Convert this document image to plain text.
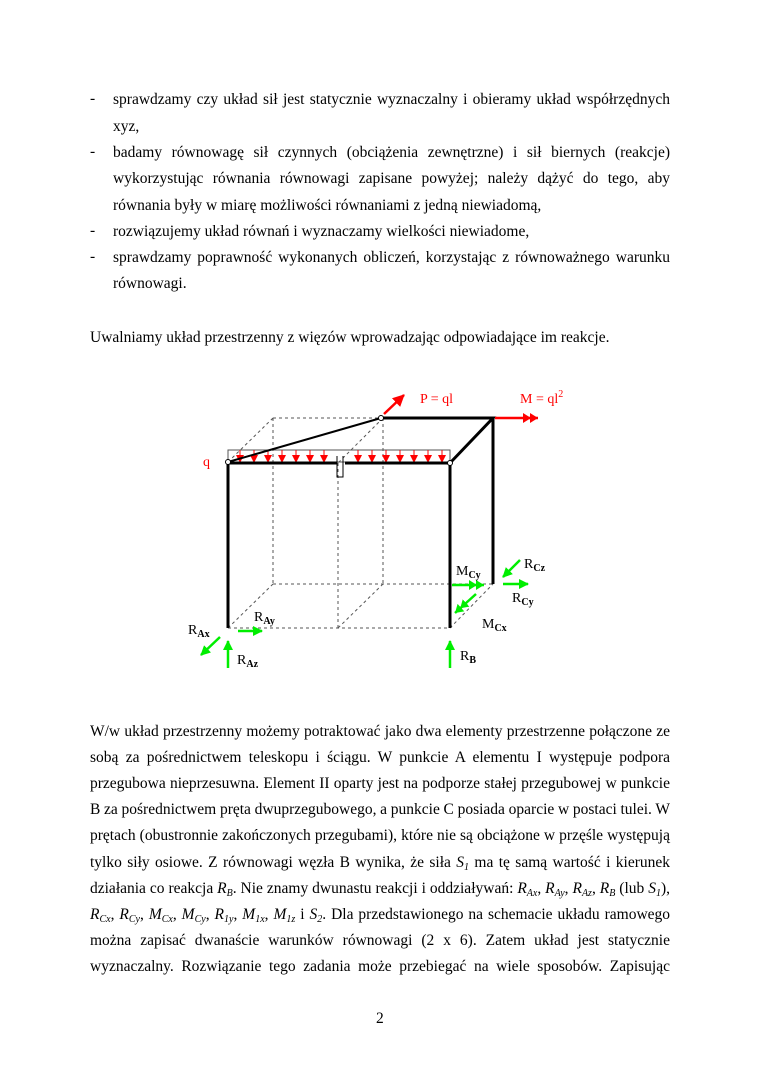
- sprawdzamy czy układ sił jest statycznie wyznaczalny i obieramy układ współrzędnych
xyz,
- badamy równowagę sił czynnych (obciążenia zewnętrzne) i sił biernych (reakcje)
wykorzystując równania równowagi zapisane powyżej; należy dążyć do tego, aby
równania były w miarę możliwości równaniami z jedną niewiadomą,
- rozwiązujemy układ równań i wyznaczamy wielkości niewiadome,
- sprawdzamy poprawność wykonanych obliczeń, korzystając z równoważnego warunku
równowagi.
Uwalniamy układ przestrzenny z więzów wprowadzając odpowiadające im reakcje.
P = ql	$M = ql^2$
q
$R_{Ax}$
$R_{Ay}$
$R_{Az}$
$R_B$
$M_{Cy}$
$R_{Cz}$
$R_{Cy}$
$M_{Cx}$
W/w układ przestrzenny możemy potraktować jako dwa elementy przestrzenne połączone ze
sobą za pośrednictwem teleskopu i ściągu. W punkcie A elementu I występuje podpora
przegubowa nieprzesuwna. Element II oparty jest na podporze stałej przegubowej w punkcie
B za pośrednictwem pręta dwuprzegubowego, a punkcie C posiada oparcie w postaci tulei. W
prętach (obustronnie zakończonych przegubami), które nie są obciążone w przęśle występują
tylko siły osiowe. Z równowagi węzła B wynika, że siła $S_1$ ma tę samą wartość i kierunek
działania co reakcja $R_B$. Nie znamy dwunastu reakcji i oddziaływań: $R_{Ax}$, $R_{Ay}$, $R_{Az}$, $R_B$ (lub $S_1$),
$R_{Cx}$, $R_{Cy}$, $M_{Cx}$, $M_{Cy}$, $R_{1y}$, $M_{1x}$, $M_{1z}$ i $S_2$. Dla przedstawionego na schemacie układu ramowego
można zapisać dwanaście warunków równowagi (2 x 6). Zatem układ jest statycznie
wyznaczalny. Rozwiązanie tego zadania może przebiegać na wiele sposobów. Zapisując
2
